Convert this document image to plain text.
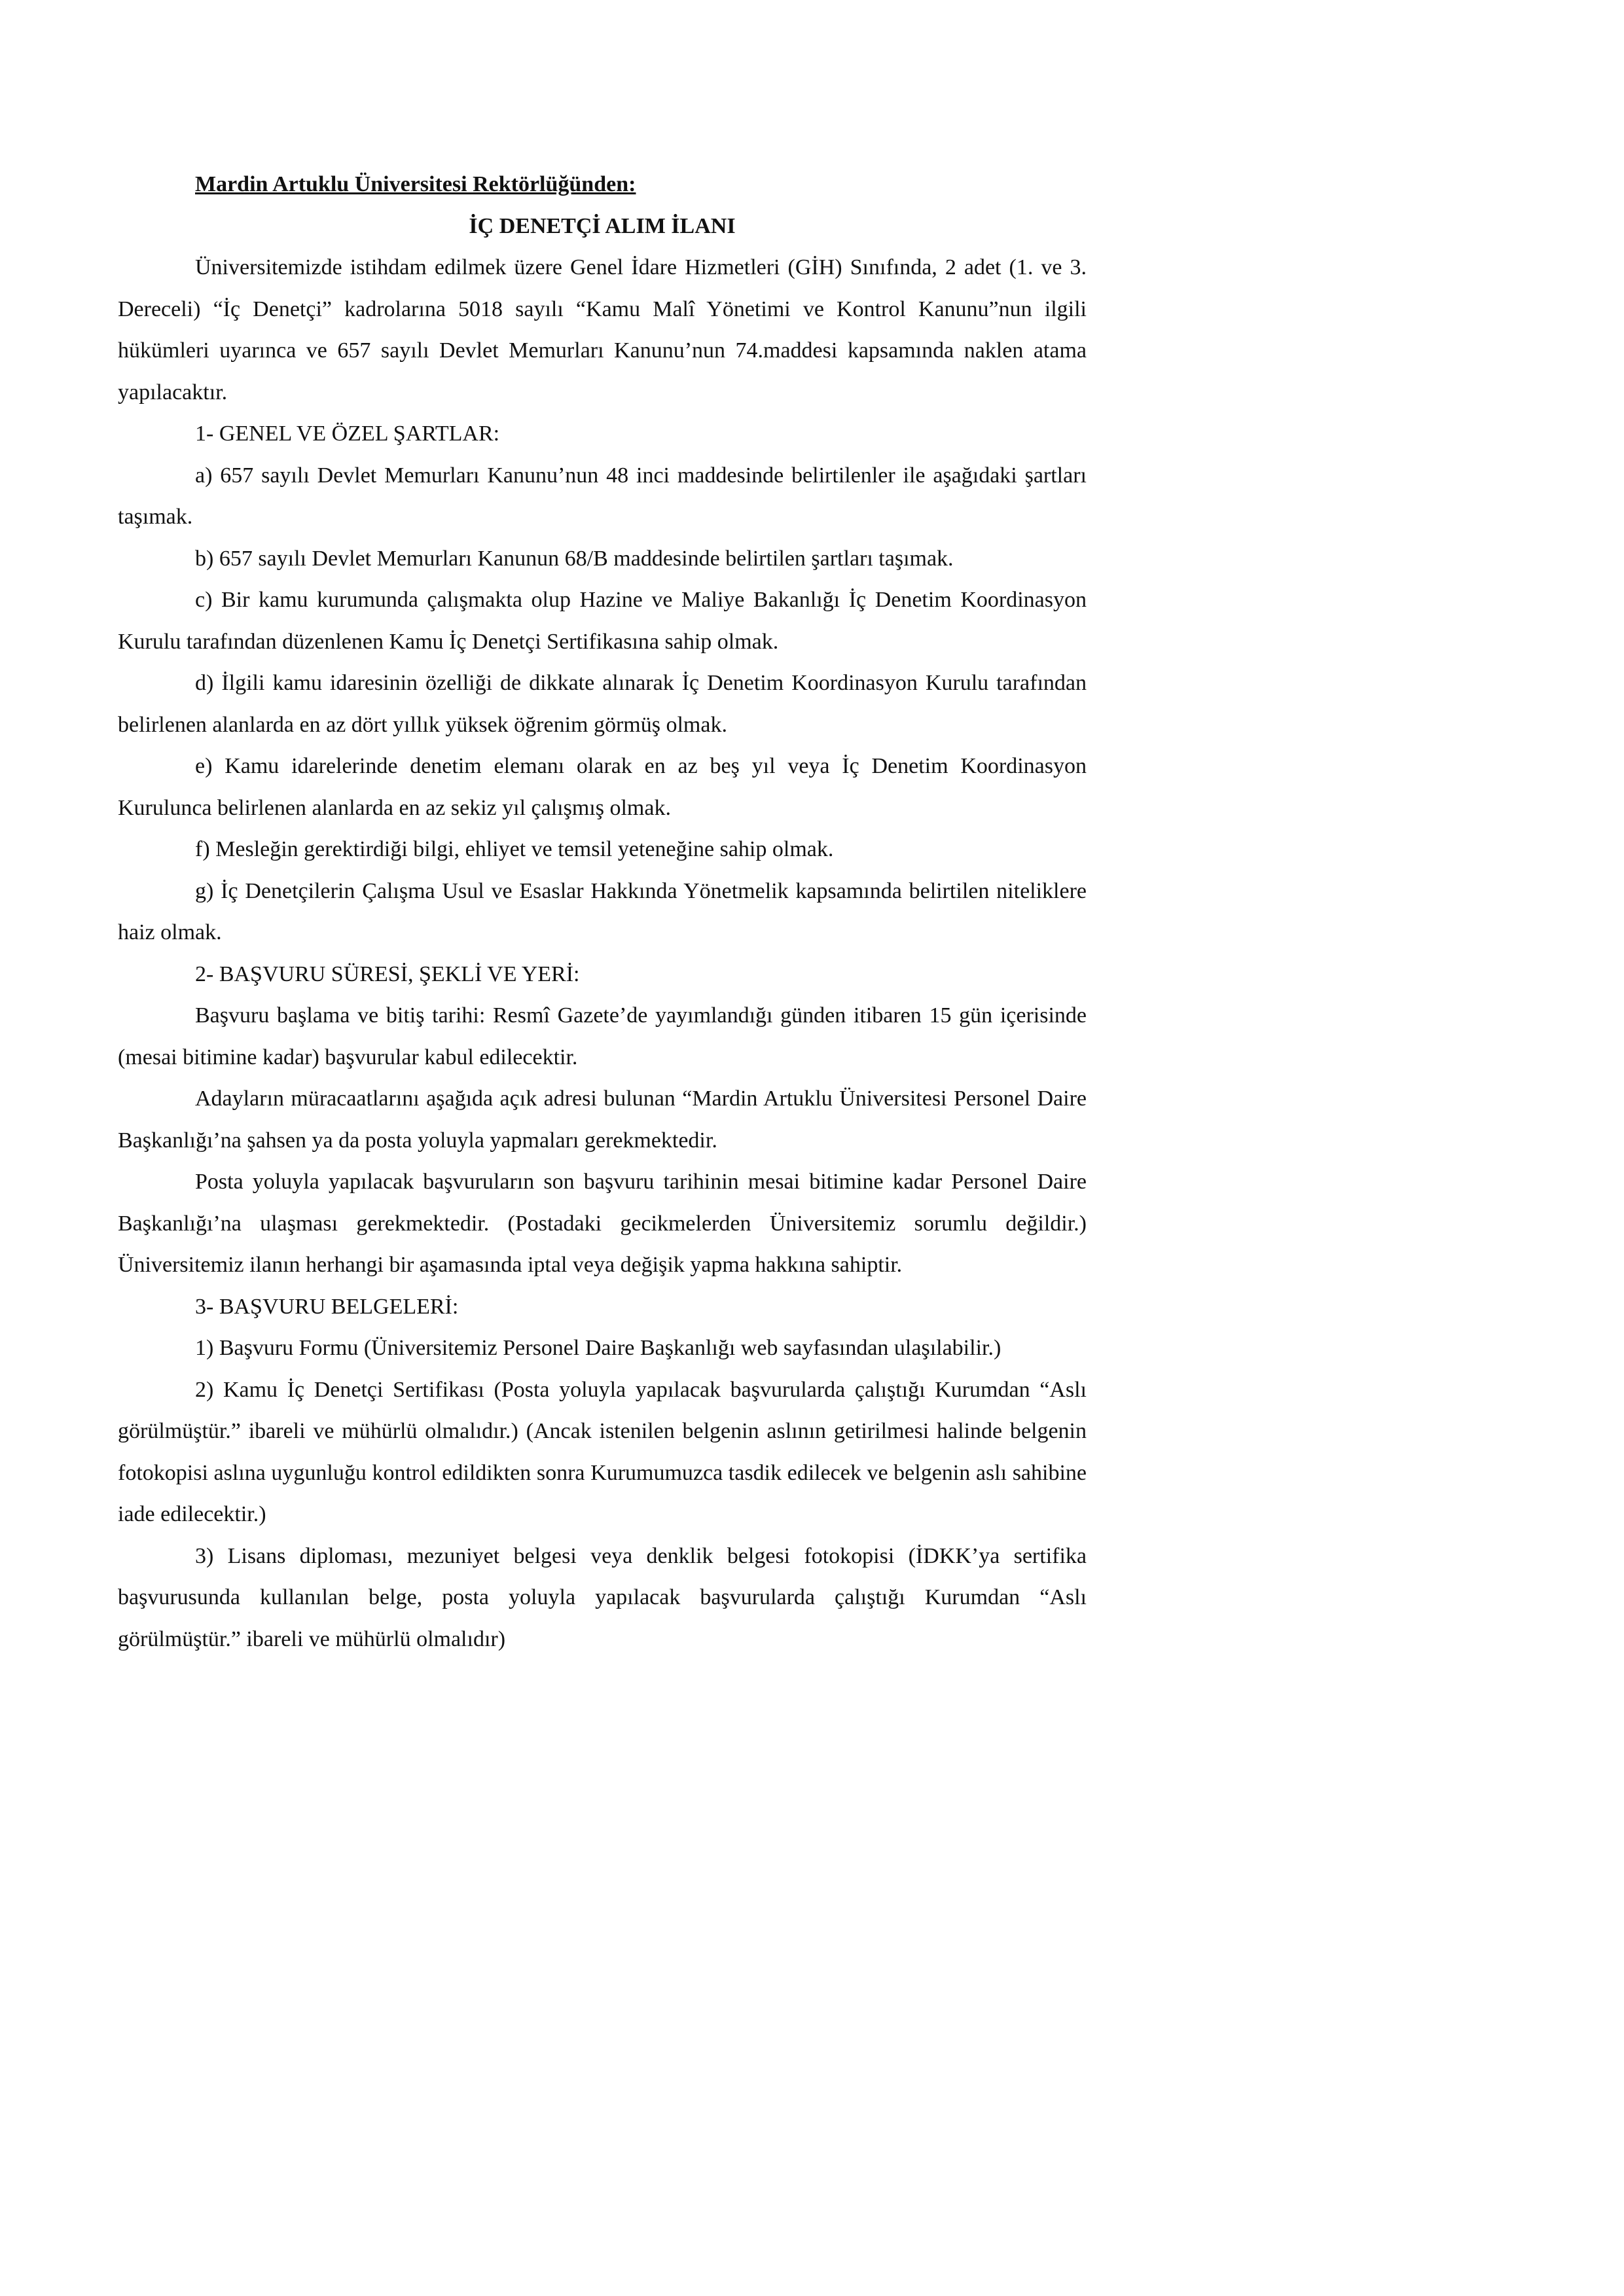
Mardin Artuklu Üniversitesi Rektörlüğünden:
İÇ DENETÇİ ALIM İLANI

Üniversitemizde istihdam edilmek üzere Genel İdare Hizmetleri (GİH) Sınıfında, 2 adet (1. ve 3. Dereceli) “İç Denetçi” kadrolarına 5018 sayılı “Kamu Malî Yönetimi ve Kontrol Kanunu”nun ilgili hükümleri uyarınca ve 657 sayılı Devlet Memurları Kanunu’nun 74.maddesi kapsamında naklen atama yapılacaktır.

1- GENEL VE ÖZEL ŞARTLAR:

a) 657 sayılı Devlet Memurları Kanunu’nun 48 inci maddesinde belirtilenler ile aşağıdaki şartları taşımak.

b) 657 sayılı Devlet Memurları Kanunun 68/B maddesinde belirtilen şartları taşımak.

c) Bir kamu kurumunda çalışmakta olup Hazine ve Maliye Bakanlığı İç Denetim Koordinasyon Kurulu tarafından düzenlenen Kamu İç Denetçi Sertifikasına sahip olmak.

d) İlgili kamu idaresinin özelliği de dikkate alınarak İç Denetim Koordinasyon Kurulu tarafından belirlenen alanlarda en az dört yıllık yüksek öğrenim görmüş olmak.

e) Kamu idarelerinde denetim elemanı olarak en az beş yıl veya İç Denetim Koordinasyon Kurulunca belirlenen alanlarda en az sekiz yıl çalışmış olmak.

f) Mesleğin gerektirdiği bilgi, ehliyet ve temsil yeteneğine sahip olmak.

g) İç Denetçilerin Çalışma Usul ve Esaslar Hakkında Yönetmelik kapsamında belirtilen niteliklere haiz olmak.

2- BAŞVURU SÜRESİ, ŞEKLİ VE YERİ:

Başvuru başlama ve bitiş tarihi: Resmî Gazete’de yayımlandığı günden itibaren 15 gün içerisinde (mesai bitimine kadar) başvurular kabul edilecektir.

Adayların müracaatlarını aşağıda açık adresi bulunan “Mardin Artuklu Üniversitesi Personel Daire Başkanlığı’na şahsen ya da posta yoluyla yapmaları gerekmektedir.

Posta yoluyla yapılacak başvuruların son başvuru tarihinin mesai bitimine kadar Personel Daire Başkanlığı’na ulaşması gerekmektedir. (Postadaki gecikmelerden Üniversitemiz sorumlu değildir.) Üniversitemiz ilanın herhangi bir aşamasında iptal veya değişik yapma hakkına sahiptir.

3- BAŞVURU BELGELERİ:

1) Başvuru Formu (Üniversitemiz Personel Daire Başkanlığı web sayfasından ulaşılabilir.)

2) Kamu İç Denetçi Sertifikası (Posta yoluyla yapılacak başvurularda çalıştığı Kurumdan “Aslı görülmüştür.” ibareli ve mühürlü olmalıdır.) (Ancak istenilen belgenin aslının getirilmesi halinde belgenin fotokopisi aslına uygunluğu kontrol edildikten sonra Kurumumuzca tasdik edilecek ve belgenin aslı sahibine iade edilecektir.)

3) Lisans diploması, mezuniyet belgesi veya denklik belgesi fotokopisi (İDKK’ya sertifika başvurusunda kullanılan belge, posta yoluyla yapılacak başvurularda çalıştığı Kurumdan “Aslı görülmüştür.” ibareli ve mühürlü olmalıdır)
